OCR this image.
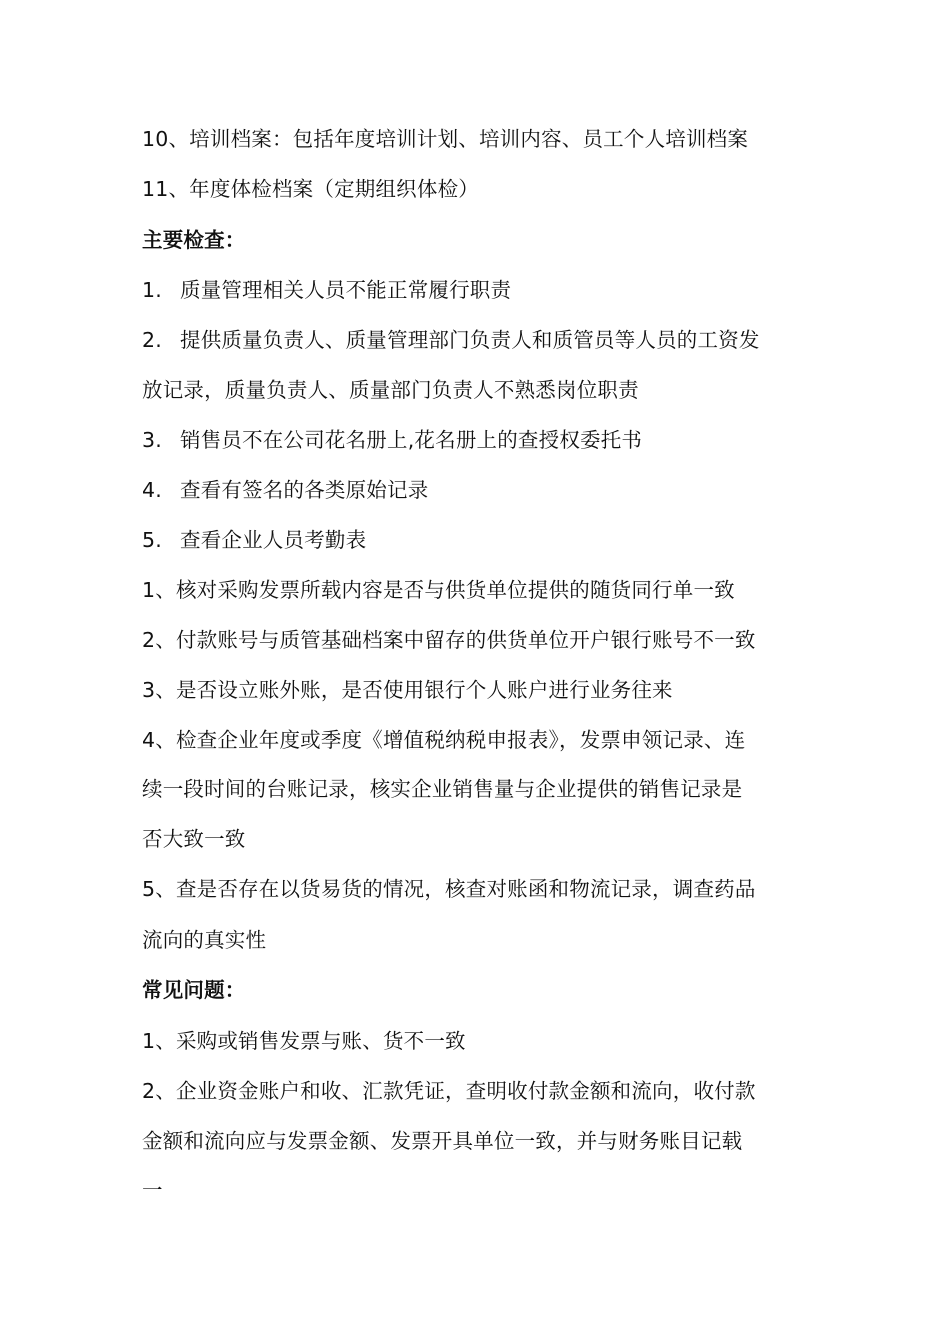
10、培训档案：包括年度培训计划、培训内容、员工个人培训档案
11、年度体检档案（定期组织体检）
主要检查：
1. 质量管理相关人员不能正常履行职责
2. 提供质量负责人、质量管理部门负责人和质管员等人员的工资发
放记录，质量负责人、质量部门负责人不熟悉岗位职责
3. 销售员不在公司花名册上,花名册上的查授权委托书
4. 查看有签名的各类原始记录
5. 查看企业人员考勤表
1、核对采购发票所载内容是否与供货单位提供的随货同行单一致
2、付款账号与质管基础档案中留存的供货单位开户银行账号不一致
3、是否设立账外账，是否使用银行个人账户进行业务往来
4、检查企业年度或季度《增值税纳税申报表》，发票申领记录、连
续一段时间的台账记录，核实企业销售量与企业提供的销售记录是
否大致一致
5、查是否存在以货易货的情况，核查对账函和物流记录，调查药品
流向的真实性
常见问题：
1、采购或销售发票与账、货不一致
2、企业资金账户和收、汇款凭证，查明收付款金额和流向，收付款
金额和流向应与发票金额、发票开具单位一致，并与财务账目记载
一
